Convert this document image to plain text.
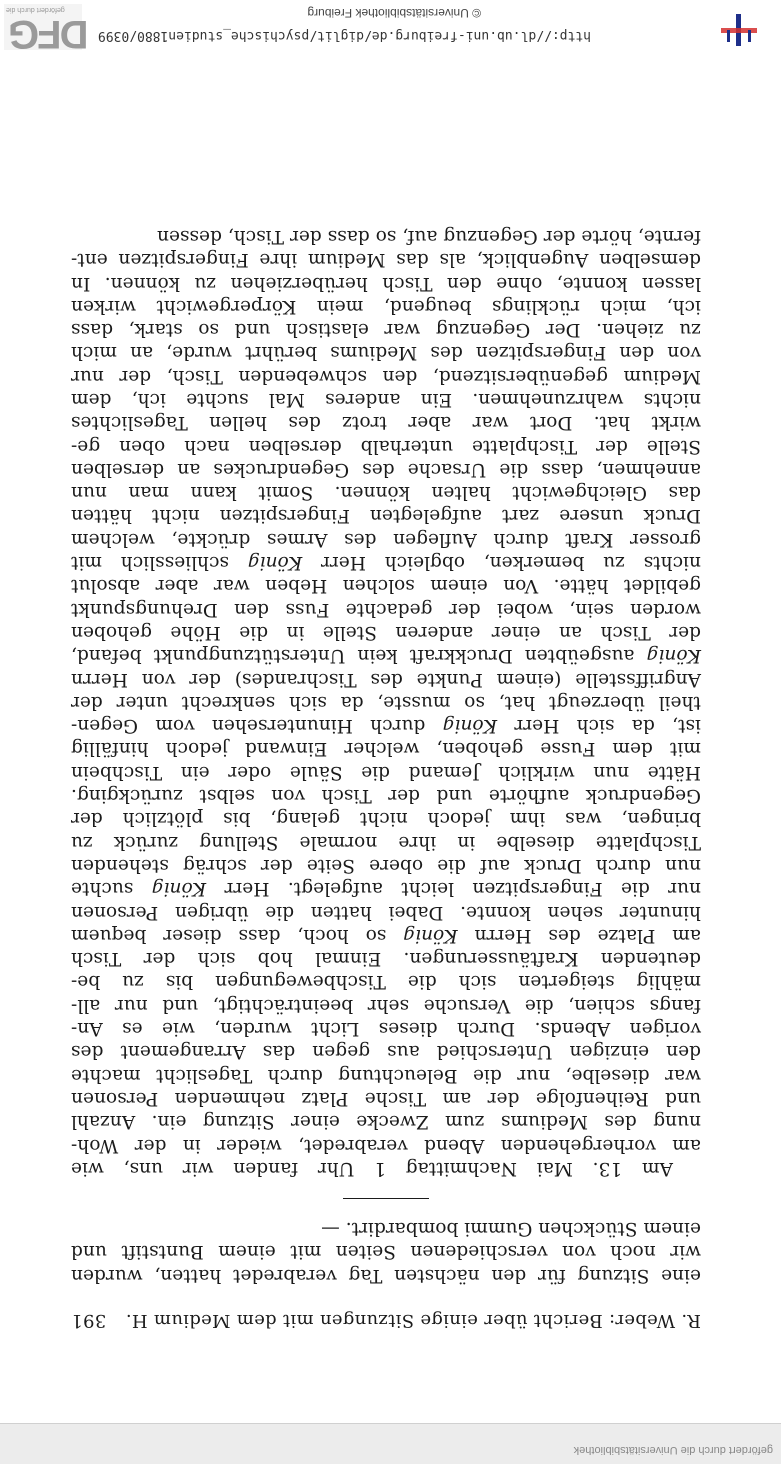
gefördert durch die Universitätsbibliothek
R. Weber: Bericht über einige Sitzungen mit dem Medium H.
391
eine Sitzung für den nächsten Tag verabredet hatten, wurden
wir noch von verschiedenen Seiten mit einem Buntstift und
einem Stückchen Gummi bombardirt. —
Am 13. Mai Nachmittag 1 Uhr fanden wir uns, wie
am vorhergehenden Abend verabredet, wieder in der Woh-
nung des Mediums zum Zwecke einer Sitzung ein. Anzahl
und Reihenfolge der am Tische Platz nehmenden Personen
war dieselbe, nur die Beleuchtung durch Tageslicht machte
den einzigen Unterschied aus gegen das Arrangement des
vorigen Abends. Durch dieses Licht wurden, wie es An-
fangs schien, die Versuche sehr beeinträchtigt, und nur all-
mählig steigerten sich die Tischbewegungen bis zu be-
deutenden Kraftäusserungen. Einmal hob sich der Tisch
am Platze des Herrn König so hoch, dass dieser bequem
hinunter sehen konnte. Dabei hatten die übrigen Personen
nur die Fingerspitzen leicht aufgelegt. Herr König suchte
nun durch Druck auf die obere Seite der schräg stehenden
Tischplatte dieselbe in ihre normale Stellung zurück zu
bringen, was ihm jedoch nicht gelang, bis plötzlich der
Gegendruck aufhörte und der Tisch von selbst zurückging.
Hätte nun wirklich Jemand die Säule oder ein Tischbein
mit dem Fusse gehoben, welcher Einwand jedoch hinfällig
ist, da sich Herr König durch Hinuntersehen vom Gegen-
theil überzeugt hat, so musste, da sich senkrecht unter der
Angriffsstelle (einem Punkte des Tischrandes) der von Herrn
König ausgeübten Druckkraft kein Unterstützungpunkt befand,
der Tisch an einer anderen Stelle in die Höhe gehoben
worden sein, wobei der gedachte Fuss den Drehungspunkt
gebildet hätte. Von einem solchen Heben war aber absolut
nichts zu bemerken, obgleich Herr König schliesslich mit
grosser Kraft durch Auflegen des Armes drückte, welchem
Druck unsere zart aufgelegten Fingerspitzen nicht hätten
das Gleichgewicht halten können. Somit kann man nun
annehmen, dass die Ursache des Gegendruckes an derselben
Stelle der Tischplatte unterhalb derselben nach oben ge-
wirkt hat. Dort war aber trotz des hellen Tageslichtes
nichts wahrzunehmen. Ein anderes Mal suchte ich, dem
Medium gegenübersitzend, den schwebenden Tisch, der nur
von den Fingerspitzen des Mediums berührt wurde, an mich
zu ziehen. Der Gegenzug war elastisch und so stark, dass
ich, mich rücklings beugend, mein Körpergewicht wirken
lassen konnte, ohne den Tisch herüberziehen zu können. In
demselben Augenblick, als das Medium ihre Fingerspitzen ent-
fernte, hörte der Gegenzug auf, so dass der Tisch, dessen
http://dl.ub.uni-freiburg.de/diglit/psychische_studien1880/0399
© Universitätsbibliothek Freiburg
DFG
gefördert durch die
